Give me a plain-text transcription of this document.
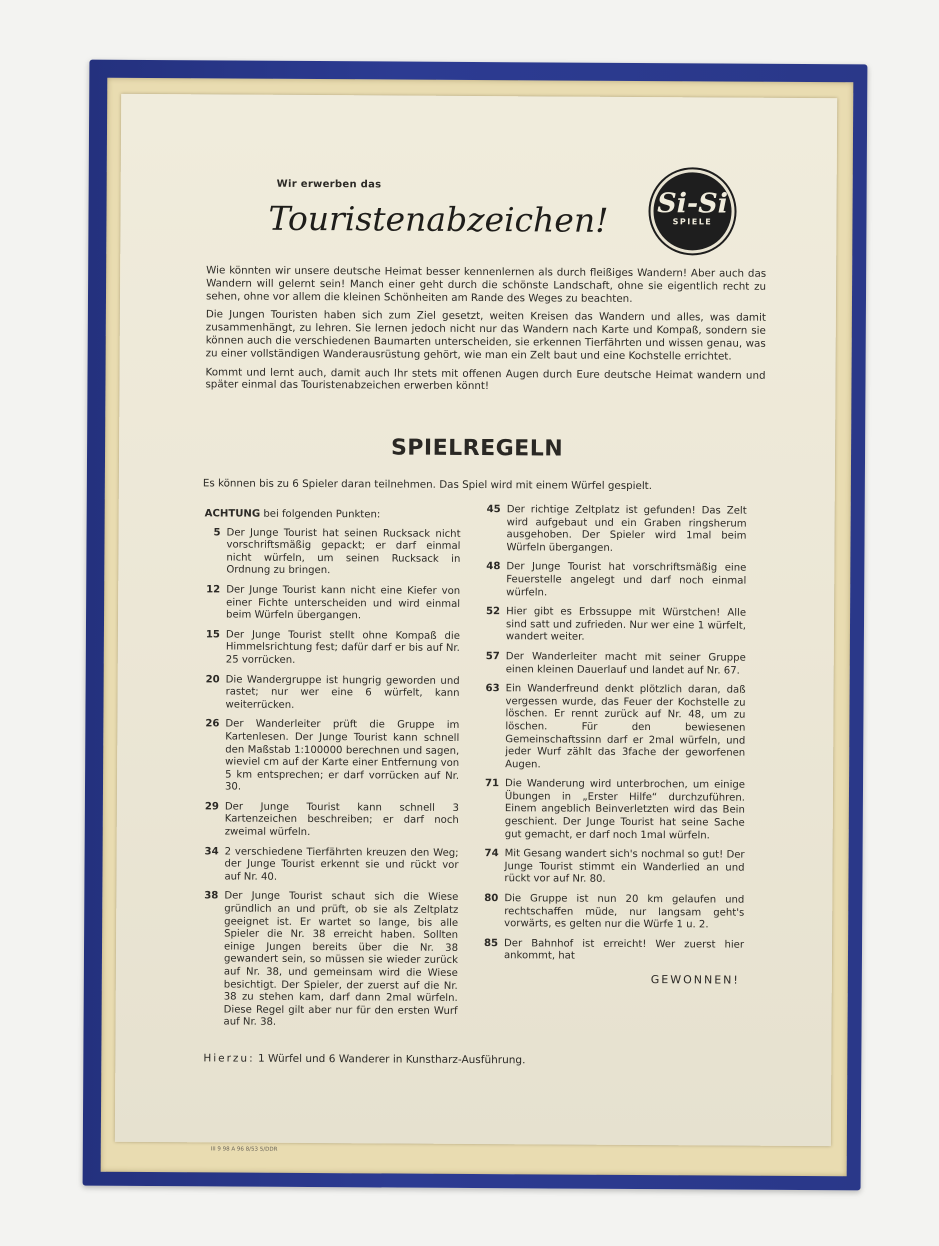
Wir erwerben das
Touristenabzeichen! Si-Si
SPIELE

Wie könnten wir unsere deutsche Heimat besser kennenlernen als durch fleißiges Wandern! Aber auch das Wandern will gelernt sein! Manch einer geht durch die schönste Landschaft, ohne sie eigentlich recht zu sehen, ohne vor allem die kleinen Schönheiten am Rande des Weges zu beachten.

Die Jungen Touristen haben sich zum Ziel gesetzt, weiten Kreisen das Wandern und alles, was damit zusammenhängt, zu lehren. Sie lernen jedoch nicht nur das Wandern nach Karte und Kompaß, sondern sie können auch die verschiedenen Baumarten unterscheiden, sie erkennen Tierfährten und wissen genau, was zu einer vollständigen Wanderausrüstung gehört, wie man ein Zelt baut und eine Kochstelle errichtet.

Kommt und lernt auch, damit auch Ihr stets mit offenen Augen durch Eure deutsche Heimat wandern und später einmal das Touristenabzeichen erwerben könnt!

SPIELREGELN
Es können bis zu 6 Spieler daran teilnehmen. Das Spiel wird mit einem Würfel gespielt.
ACHTUNG bei folgenden Punkten:
5 Der Junge Tourist hat seinen Rucksack nicht vorschriftsmäßig gepackt; er darf einmal nicht würfeln, um seinen Rucksack in Ordnung zu bringen.
12 Der Junge Tourist kann nicht eine Kiefer von einer Fichte unterscheiden und wird einmal beim Würfeln übergangen.
15 Der Junge Tourist stellt ohne Kompaß die Himmelsrichtung fest; dafür darf er bis auf Nr. 25 vorrücken.
20 Die Wandergruppe ist hungrig geworden und rastet; nur wer eine 6 würfelt, kann weiterrücken.
26 Der Wanderleiter prüft die Gruppe im Kartenlesen. Der Junge Tourist kann schnell den Maßstab 1:100000 berechnen und sagen, wieviel cm auf der Karte einer Entfernung von 5 km entsprechen; er darf vorrücken auf Nr. 30.
29 Der Junge Tourist kann schnell 3 Kartenzeichen beschreiben; er darf noch zweimal würfeln.
34 2 verschiedene Tierfährten kreuzen den Weg; der Junge Tourist erkennt sie und rückt vor auf Nr. 40.
38 Der Junge Tourist schaut sich die Wiese gründlich an und prüft, ob sie als Zeltplatz geeignet ist. Er wartet so lange, bis alle Spieler die Nr. 38 erreicht haben. Sollten einige Jungen bereits über die Nr. 38 gewandert sein, so müssen sie wieder zurück auf Nr. 38, und gemeinsam wird die Wiese besichtigt. Der Spieler, der zuerst auf die Nr. 38 zu stehen kam, darf dann 2mal würfeln. Diese Regel gilt aber nur für den ersten Wurf auf Nr. 38.
45 Der richtige Zeltplatz ist gefunden! Das Zelt wird aufgebaut und ein Graben ringsherum ausgehoben. Der Spieler wird 1mal beim Würfeln übergangen.
48 Der Junge Tourist hat vorschriftsmäßig eine Feuerstelle angelegt und darf noch einmal würfeln.
52 Hier gibt es Erbssuppe mit Würstchen! Alle sind satt und zufrieden. Nur wer eine 1 würfelt, wandert weiter.
57 Der Wanderleiter macht mit seiner Gruppe einen kleinen Dauerlauf und landet auf Nr. 67.
63 Ein Wanderfreund denkt plötzlich daran, daß vergessen wurde, das Feuer der Kochstelle zu löschen. Er rennt zurück auf Nr. 48, um zu löschen. Für den bewiesenen Gemeinschaftssinn darf er 2mal würfeln, und jeder Wurf zählt das 3fache der geworfenen Augen.
71 Die Wanderung wird unterbrochen, um einige Übungen in „Erster Hilfe“ durchzuführen. Einem angeblich Beinverletzten wird das Bein geschient. Der Junge Tourist hat seine Sache gut gemacht, er darf noch 1mal würfeln.
74 Mit Gesang wandert sich's nochmal so gut! Der Junge Tourist stimmt ein Wanderlied an und rückt vor auf Nr. 80.
80 Die Gruppe ist nun 20 km gelaufen und rechtschaffen müde, nur langsam geht's vorwärts, es gelten nur die Würfe 1 u. 2.
85 Der Bahnhof ist erreicht! Wer zuerst hier ankommt, hat
GEWONNEN!
Hierzu: 1 Würfel und 6 Wanderer in Kunstharz-Ausführung.
III 9 98 A 96 8/53 5/DDR
